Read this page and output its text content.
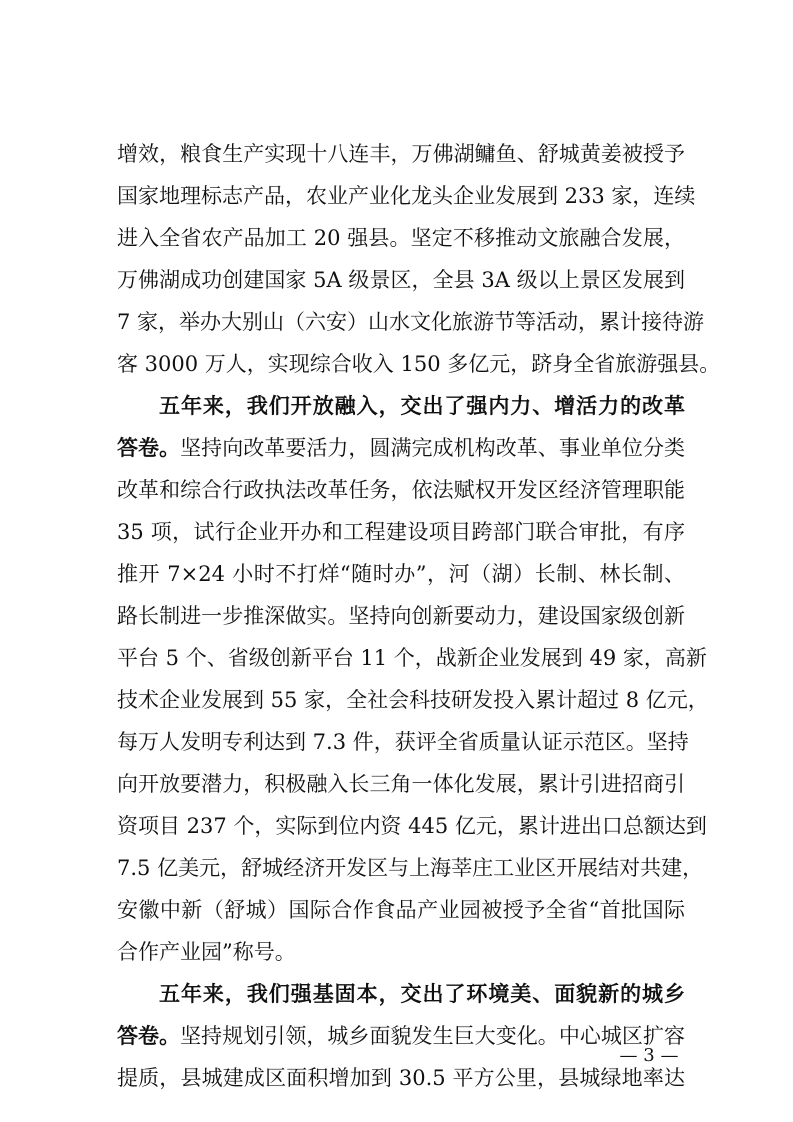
增效，粮食生产实现十八连丰，万佛湖鳙鱼、舒城黄姜被授予
国家地理标志产品，农业产业化龙头企业发展到 233 家，连续
进入全省农产品加工 20 强县。坚定不移推动文旅融合发展，
万佛湖成功创建国家 5A 级景区，全县 3A 级以上景区发展到
7 家，举办大别山（六安）山水文化旅游节等活动，累计接待游
客 3000 万人，实现综合收入 150 多亿元，跻身全省旅游强县。
五年来，我们开放融入，交出了强内力、增活力的改革
答卷。坚持向改革要活力，圆满完成机构改革、事业单位分类
改革和综合行政执法改革任务，依法赋权开发区经济管理职能
35 项，试行企业开办和工程建设项目跨部门联合审批，有序
推开 7×24 小时不打烊“随时办”，河（湖）长制、林长制、
路长制进一步推深做实。坚持向创新要动力，建设国家级创新
平台 5 个、省级创新平台 11 个，战新企业发展到 49 家，高新
技术企业发展到 55 家，全社会科技研发投入累计超过 8 亿元，
每万人发明专利达到 7.3 件，获评全省质量认证示范区。坚持
向开放要潜力，积极融入长三角一体化发展，累计引进招商引
资项目 237 个，实际到位内资 445 亿元，累计进出口总额达到
7.5 亿美元，舒城经济开发区与上海莘庄工业区开展结对共建，
安徽中新（舒城）国际合作食品产业园被授予全省“首批国际
合作产业园”称号。
五年来，我们强基固本，交出了环境美、面貌新的城乡
答卷。坚持规划引领，城乡面貌发生巨大变化。中心城区扩容
提质，县城建成区面积增加到 30.5 平方公里，县城绿地率达
— 3 —
